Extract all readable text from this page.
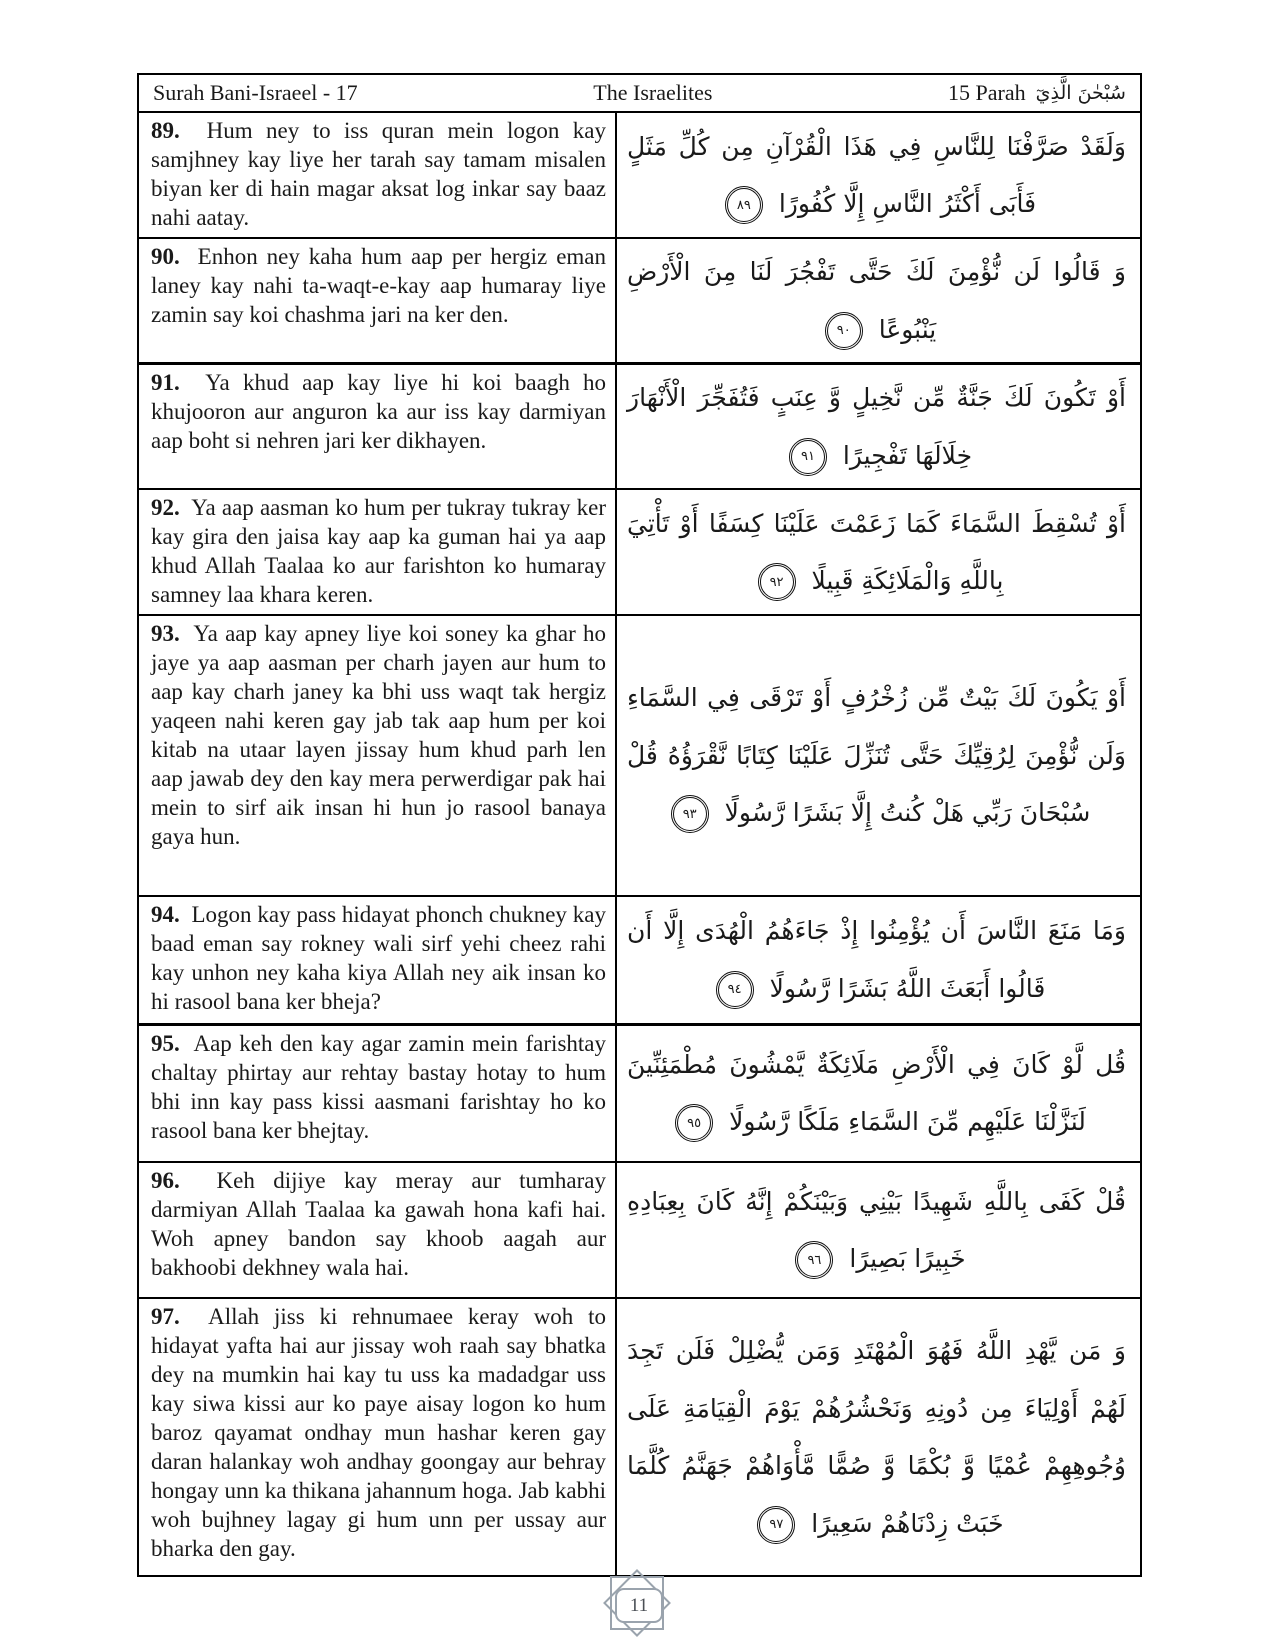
Surah Bani-Israeel - 17	The Israelites	15 Parah سُبْحٰنَ الَّذِيٓ
89. Hum ney to iss quran mein logon kay samjhney kay liye her tarah say tamam misalen biyan ker di hain magar aksat log inkar say baaz nahi aatay.	وَلَقَدْ صَرَّفْنَا لِلنَّاسِ فِي هَذَا الْقُرْآنِ مِن كُلِّ مَثَلٍ فَأَبَى أَكْثَرُ النَّاسِ إِلَّا كُفُورًا ٨٩
90. Enhon ney kaha hum aap per hergiz eman laney kay nahi ta-waqt-e-kay aap humaray liye zamin say koi chashma jari na ker den.	وَ قَالُوا لَن نُّؤْمِنَ لَكَ حَتَّى تَفْجُرَ لَنَا مِنَ الْأَرْضِ يَنْبُوعًا ٩٠
91. Ya khud aap kay liye hi koi baagh ho khujooron aur anguron ka aur iss kay darmiyan aap boht si nehren jari ker dikhayen.	أَوْ تَكُونَ لَكَ جَنَّةٌ مِّن نَّخِيلٍ وَّ عِنَبٍ فَتُفَجِّرَ الْأَنْهَارَ خِلَالَهَا تَفْجِيرًا ٩١
92. Ya aap aasman ko hum per tukray tukray ker kay gira den jaisa kay aap ka guman hai ya aap khud Allah Taalaa ko aur farishton ko humaray samney laa khara keren.	أَوْ تُسْقِطَ السَّمَاءَ كَمَا زَعَمْتَ عَلَيْنَا كِسَفًا أَوْ تَأْتِيَ بِاللَّهِ وَالْمَلَائِكَةِ قَبِيلًا ٩٢
93. Ya aap kay apney liye koi soney ka ghar ho jaye ya aap aasman per charh jayen aur hum to aap kay charh janey ka bhi uss waqt tak hergiz yaqeen nahi keren gay jab tak aap hum per koi kitab na utaar layen jissay hum khud parh len aap jawab dey den kay mera perwerdigar pak hai mein to sirf aik insan hi hun jo rasool banaya gaya hun.	أَوْ يَكُونَ لَكَ بَيْتٌ مِّن زُخْرُفٍ أَوْ تَرْقَى فِي السَّمَاءِ وَلَن نُّؤْمِنَ لِرُقِيِّكَ حَتَّى تُنَزِّلَ عَلَيْنَا كِتَابًا نَّقْرَؤُهُ قُلْ سُبْحَانَ رَبِّي هَلْ كُنتُ إِلَّا بَشَرًا رَّسُولًا ٩٣
94. Logon kay pass hidayat phonch chukney kay baad eman say rokney wali sirf yehi cheez rahi kay unhon ney kaha kiya Allah ney aik insan ko hi rasool bana ker bheja?	وَمَا مَنَعَ النَّاسَ أَن يُؤْمِنُوا إِذْ جَاءَهُمُ الْهُدَى إِلَّا أَن قَالُوا أَبَعَثَ اللَّهُ بَشَرًا رَّسُولًا ٩٤
95. Aap keh den kay agar zamin mein farishtay chaltay phirtay aur rehtay bastay hotay to hum bhi inn kay pass kissi aasmani farishtay ho ko rasool bana ker bhejtay.	قُل لَّوْ كَانَ فِي الْأَرْضِ مَلَائِكَةٌ يَّمْشُونَ مُطْمَئِنِّينَ لَنَزَّلْنَا عَلَيْهِم مِّنَ السَّمَاءِ مَلَكًا رَّسُولًا ٩٥
96. Keh dijiye kay meray aur tumharay darmiyan Allah Taalaa ka gawah hona kafi hai. Woh apney bandon say khoob aagah aur bakhoobi dekhney wala hai.	قُلْ كَفَى بِاللَّهِ شَهِيدًا بَيْنِي وَبَيْنَكُمْ إِنَّهُ كَانَ بِعِبَادِهِ خَبِيرًا بَصِيرًا ٩٦
97. Allah jiss ki rehnumaee keray woh to hidayat yafta hai aur jissay woh raah say bhatka dey na mumkin hai kay tu uss ka madadgar uss kay siwa kissi aur ko paye aisay logon ko hum baroz qayamat ondhay mun hashar keren gay daran halankay woh andhay goongay aur behray hongay unn ka thikana jahannum hoga. Jab kabhi woh bujhney lagay gi hum unn per ussay aur bharka den gay.	وَ مَن يَّهْدِ اللَّهُ فَهُوَ الْمُهْتَدِ وَمَن يُّضْلِلْ فَلَن تَجِدَ لَهُمْ أَوْلِيَاءَ مِن دُونِهِ وَنَحْشُرُهُمْ يَوْمَ الْقِيَامَةِ عَلَى وُجُوهِهِمْ عُمْيًا وَّ بُكْمًا وَّ صُمًّا مَّأْوَاهُمْ جَهَنَّمُ كُلَّمَا خَبَتْ زِدْنَاهُمْ سَعِيرًا ٩٧
11
